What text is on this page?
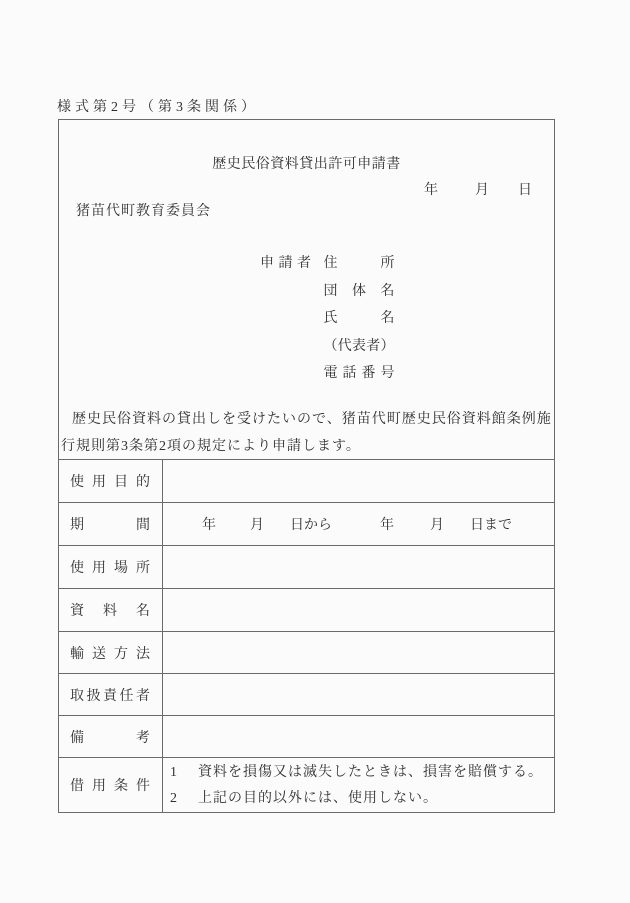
様式第2号（第3条関係）
歴史民俗資料貸出許可申請書
年	月 日
猪苗代町教育委員会
申請者 住所
団体名
氏名
（代表者）
電話番号
歴史民俗資料の貸出しを受けたいので、猪苗代町歴史民俗資料館条例施
行規則第3条第2項の規定により申請します。
使用目的
期間	年 月 日から	年	月 日まで
使用場所
資料名
輸送方法
取扱責任者
備考
借用条件
1 資料を損傷又は滅失したときは、損害を賠償する。
2 上記の目的以外には、使用しない。
